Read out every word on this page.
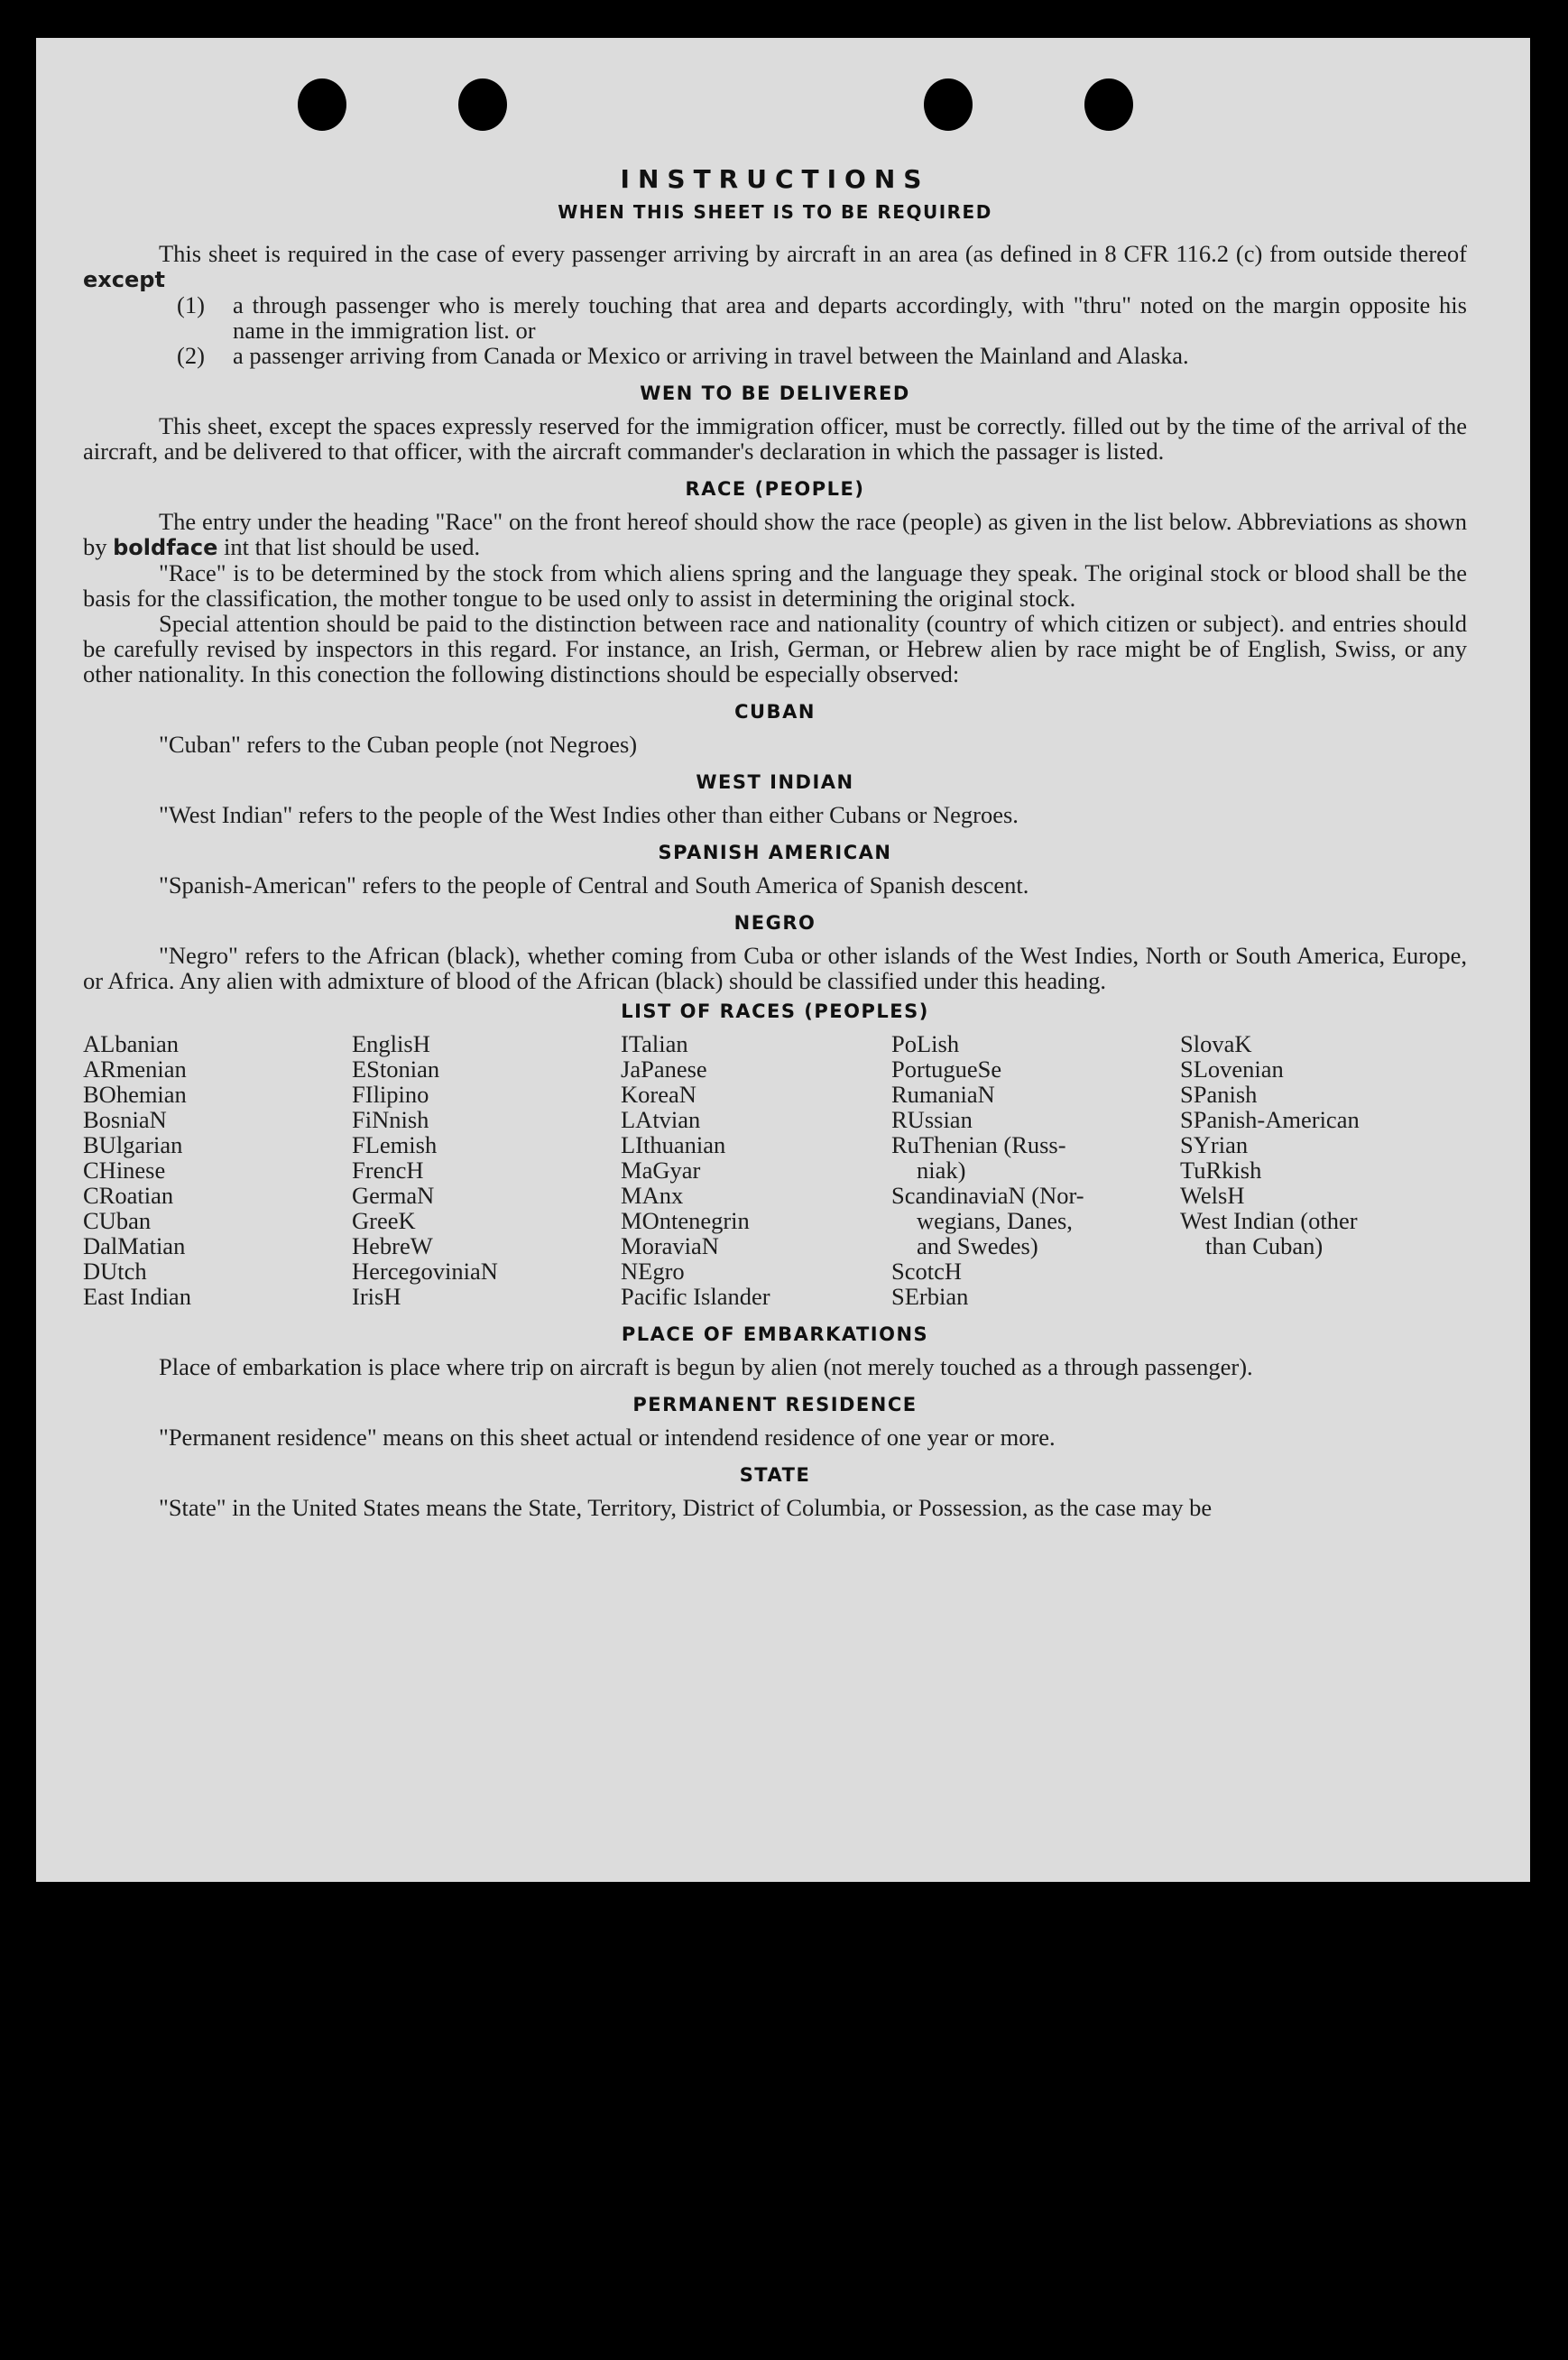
INSTRUCTIONS
WHEN THIS SHEET IS TO BE REQUIRED

This sheet is required in the case of every passenger arriving by aircraft in an area (as defined in 8 CFR 116.2 (c) from outside thereof except

(1)	a through passenger who is merely touching that area and departs accordingly, with "thru" noted on the margin opposite his name in the immigration list. or
(2)	a passenger arriving from Canada or Mexico or arriving in travel between the Mainland and Alaska.
WEN TO BE DELIVERED

This sheet, except the spaces expressly reserved for the immigration officer, must be correctly. filled out by the time of the arrival of the aircraft, and be delivered to that officer, with the aircraft commander's declaration in which the passager is listed.

RACE (PEOPLE)

The entry under the heading "Race" on the front hereof should show the race (people) as given in the list below. Abbreviations as shown by boldface int that list should be used.

"Race" is to be determined by the stock from which aliens spring and the language they speak. The original stock or blood shall be the basis for the classification, the mother tongue to be used only to assist in determining the original stock.

Special attention should be paid to the distinction between race and nationality (country of which citizen or subject). and entries should be carefully revised by inspectors in this regard. For instance, an Irish, German, or Hebrew alien by race might be of English, Swiss, or any other nationality. In this conection the following distinctions should be especially observed:

CUBAN

"Cuban" refers to the Cuban people (not Negroes)

WEST INDIAN

"West Indian" refers to the people of the West Indies other than either Cubans or Negroes.

SPANISH AMERICAN

"Spanish-American" refers to the people of Central and South America of Spanish descent.

NEGRO

"Negro" refers to the African (black), whether coming from Cuba or other islands of the West Indies, North or South America, Europe, or Africa. Any alien with admixture of blood of the African (black) should be classified under this heading.

LIST OF RACES (PEOPLES)
ALbanian
ARmenian
BOhemian
BosniaN
BUlgarian
CHinese
CRoatian
CUban
DalMatian
DUtch
East Indian
EnglisH
EStonian
FIlipino
FiNnish
FLemish
FrencH
GermaN
GreeK
HebreW
HercegoviniaN
IrisH
ITalian
JaPanese
KoreaN
LAtvian
LIthuanian
MaGyar
MAnx
MOntenegrin
MoraviaN
NEgro
Pacific Islander
PoLish
PortugueSe
RumaniaN
RUssian
RuThenian (Russ-
niak)
ScandinaviaN (Nor-
wegians, Danes,
and Swedes)
ScotcH
SErbian
SlovaK
SLovenian
SPanish
SPanish-American
SYrian
TuRkish
WelsH
West Indian (other
than Cuban)
PLACE OF EMBARKATIONS

Place of embarkation is place where trip on aircraft is begun by alien (not merely touched as a through passenger).

PERMANENT RESIDENCE

"Permanent residence" means on this sheet actual or intendend residence of one year or more.

STATE

"State" in the United States means the State, Territory, District of Columbia, or Possession, as the case may be
